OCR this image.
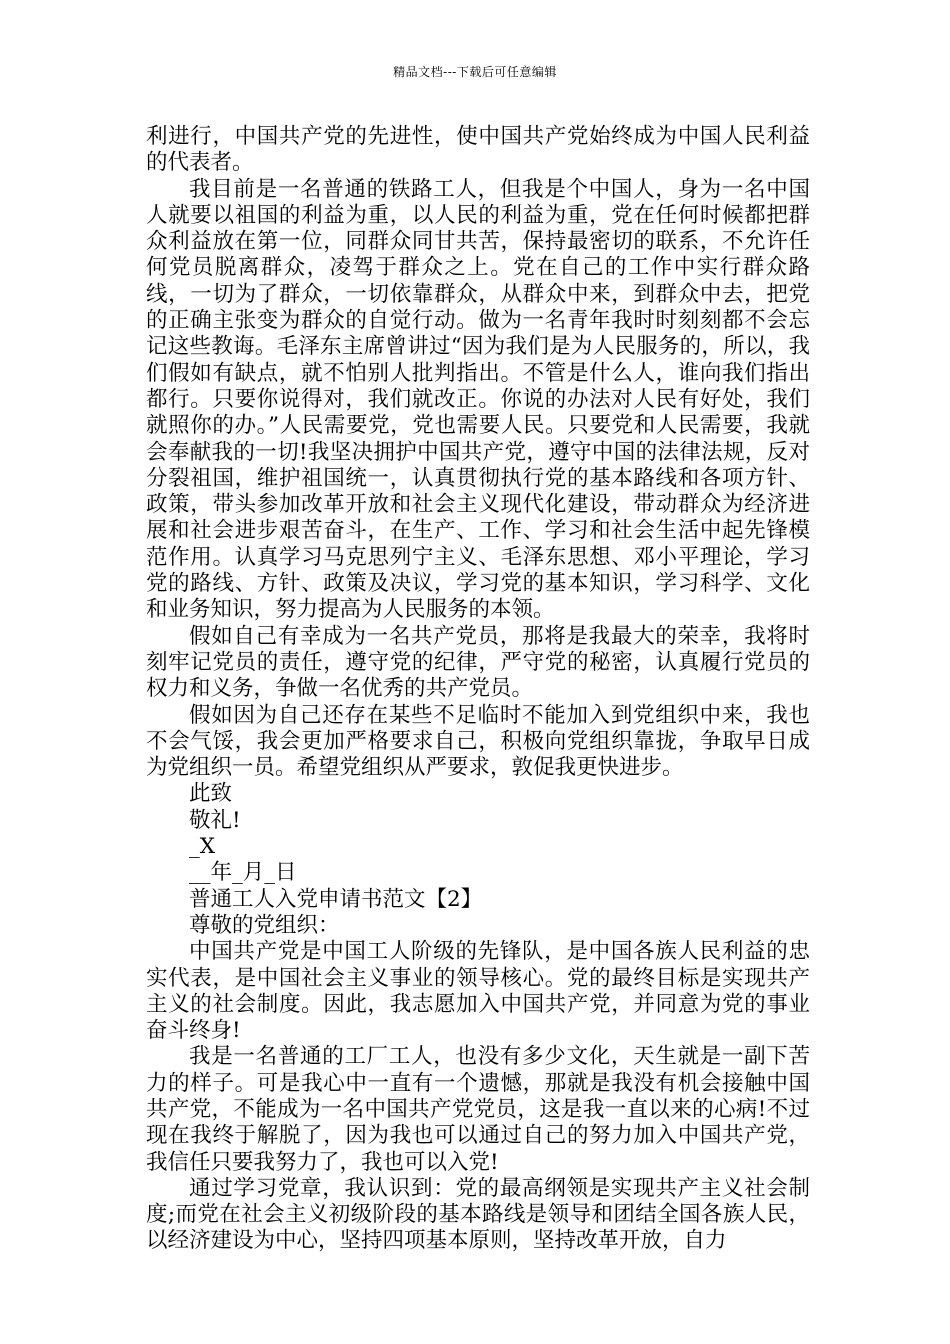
精品文档---下载后可任意编辑

利进行，中国共产党的先进性，使中国共产党始终成为中国人民利益的代表者。

我目前是一名普通的铁路工人，但我是个中国人，身为一名中国人就要以祖国的利益为重，以人民的利益为重，党在任何时候都把群众利益放在第一位，同群众同甘共苦，保持最密切的联系，不允许任何党员脱离群众，凌驾于群众之上。党在自己的工作中实行群众路线，一切为了群众，一切依靠群众，从群众中来，到群众中去，把党的正确主张变为群众的自觉行动。做为一名青年我时时刻刻都不会忘记这些教诲。毛泽东主席曾讲过“因为我们是为人民服务的，所以，我们假如有缺点，就不怕别人批判指出。不管是什么人，谁向我们指出都行。只要你说得对，我们就改正。你说的办法对人民有好处，我们就照你的办。”人民需要党，党也需要人民。只要党和人民需要，我就会奉献我的一切!我坚决拥护中国共产党，遵守中国的法律法规，反对分裂祖国，维护祖国统一，认真贯彻执行党的基本路线和各项方针、政策，带头参加改革开放和社会主义现代化建设，带动群众为经济进展和社会进步艰苦奋斗，在生产、工作、学习和社会生活中起先锋模范作用。认真学习马克思列宁主义、毛泽东思想、邓小平理论，学习党的路线、方针、政策及决议，学习党的基本知识，学习科学、文化和业务知识，努力提高为人民服务的本领。

假如自己有幸成为一名共产党员，那将是我最大的荣幸，我将时刻牢记党员的责任，遵守党的纪律，严守党的秘密，认真履行党员的权力和义务，争做一名优秀的共产党员。

假如因为自己还存在某些不足临时不能加入到党组织中来，我也不会气馁，我会更加严格要求自己，积极向党组织靠拢，争取早日成为党组织一员。希望党组织从严要求，敦促我更快进步。

此致

敬礼!

_X

__年_月_日

普通工人入党申请书范文【2】

尊敬的党组织：

中国共产党是中国工人阶级的先锋队，是中国各族人民利益的忠实代表，是中国社会主义事业的领导核心。党的最终目标是实现共产主义的社会制度。因此，我志愿加入中国共产党，并同意为党的事业奋斗终身!

我是一名普通的工厂工人，也没有多少文化，天生就是一副下苦力的样子。可是我心中一直有一个遗憾，那就是我没有机会接触中国共产党，不能成为一名中国共产党党员，这是我一直以来的心病!不过现在我终于解脱了，因为我也可以通过自己的努力加入中国共产党，我信任只要我努力了，我也可以入党!

通过学习党章，我认识到：党的最高纲领是实现共产主义社会制度;而党在社会主义初级阶段的基本路线是领导和团结全国各族人民，以经济建设为中心，坚持四项基本原则，坚持改革开放，自力
